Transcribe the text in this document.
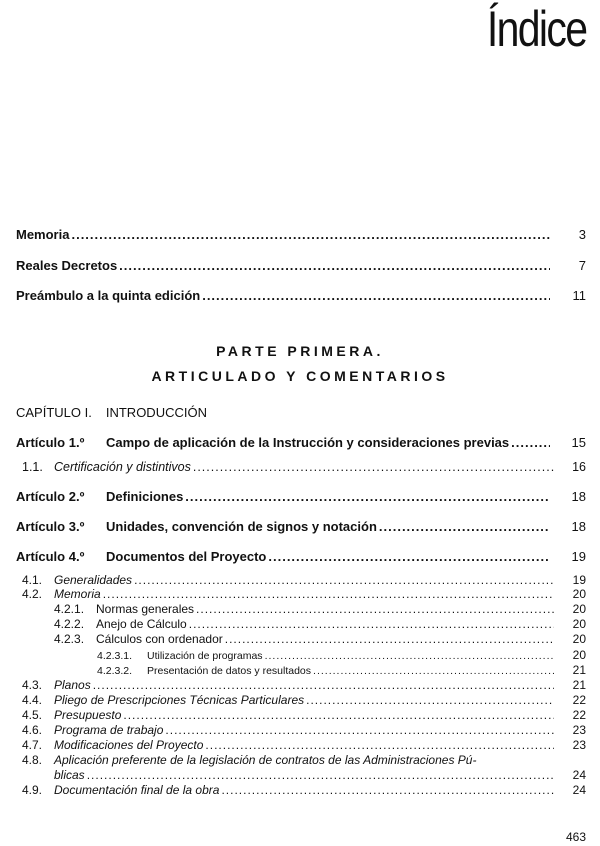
Índice
Memoria .....	3
Reales Decretos .....	7
Preámbulo a la quinta edición .....	11
PARTE PRIMERA.
ARTICULADO Y COMENTARIOS
CAPÍTULO I. INTRODUCCIÓN
Artículo 1.º Campo de aplicación de la Instrucción y consideraciones previas .....	15
1.1. Certificación y distintivos .....	16
Artículo 2.º Definiciones .....	18
Artículo 3.º Unidades, convención de signos y notación .....	18
Artículo 4.º Documentos del Proyecto .....	19
4.1. Generalidades .....	19
4.2. Memoria .....	20
4.2.1. Normas generales .....	20
4.2.2. Anejo de Cálculo .....	20
4.2.3. Cálculos con ordenador .....	20
4.2.3.1. Utilización de programas .....	20
4.2.3.2. Presentación de datos y resultados .....	21
4.3. Planos .....	21
4.4. Pliego de Prescripciones Técnicas Particulares .....	22
4.5. Presupuesto .....	22
4.6. Programa de trabajo .....	23
4.7. Modificaciones del Proyecto .....	23
4.8. Aplicación preferente de la legislación de contratos de las Administraciones Pú-
blicas .....	24
4.9. Documentación final de la obra .....	24
463
